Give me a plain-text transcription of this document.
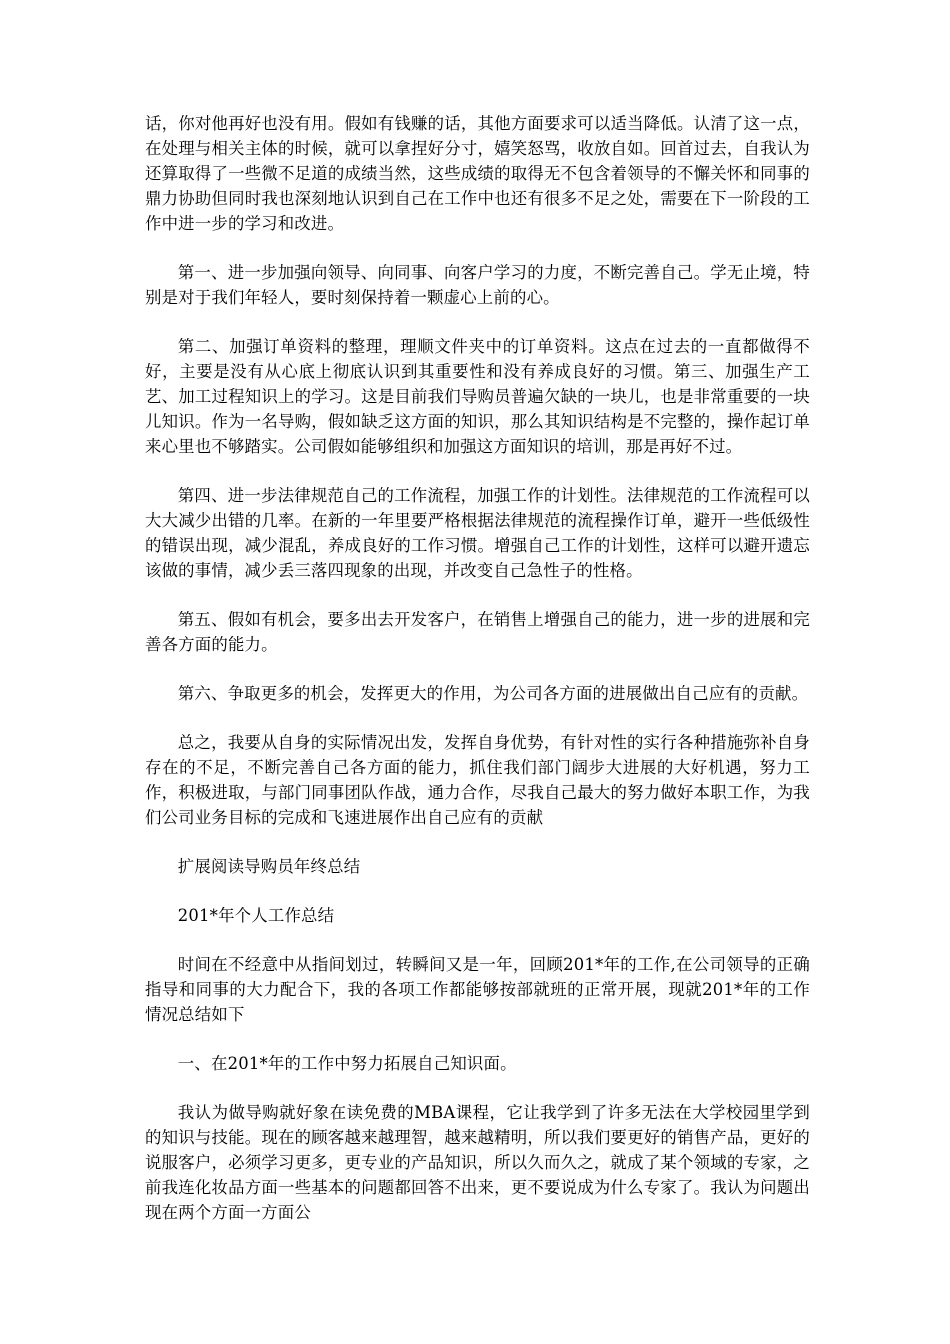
话，你对他再好也没有用。假如有钱赚的话，其他方面要求可以适当降低。认清了这一点，在处理与相关主体的时候，就可以拿捏好分寸，嬉笑怒骂，收放自如。回首过去，自我认为还算取得了一些微不足道的成绩当然，这些成绩的取得无不包含着领导的不懈关怀和同事的鼎力协助但同时我也深刻地认识到自己在工作中也还有很多不足之处，需要在下一阶段的工作中进一步的学习和改进。

第一、进一步加强向领导、向同事、向客户学习的力度，不断完善自己。学无止境，特别是对于我们年轻人，要时刻保持着一颗虚心上前的心。

第二、加强订单资料的整理，理顺文件夹中的订单资料。这点在过去的一直都做得不好，主要是没有从心底上彻底认识到其重要性和没有养成良好的习惯。第三、加强生产工艺、加工过程知识上的学习。这是目前我们导购员普遍欠缺的一块儿，也是非常重要的一块儿知识。作为一名导购，假如缺乏这方面的知识，那么其知识结构是不完整的，操作起订单来心里也不够踏实。公司假如能够组织和加强这方面知识的培训，那是再好不过。

第四、进一步法律规范自己的工作流程，加强工作的计划性。法律规范的工作流程可以大大减少出错的几率。在新的一年里要严格根据法律规范的流程操作订单，避开一些低级性的错误出现，减少混乱，养成良好的工作习惯。增强自己工作的计划性，这样可以避开遗忘该做的事情，减少丢三落四现象的出现，并改变自己急性子的性格。

第五、假如有机会，要多出去开发客户，在销售上增强自己的能力，进一步的进展和完善各方面的能力。

第六、争取更多的机会，发挥更大的作用，为公司各方面的进展做出自己应有的贡献。

总之，我要从自身的实际情况出发，发挥自身优势，有针对性的实行各种措施弥补自身存在的不足，不断完善自己各方面的能力，抓住我们部门阔步大进展的大好机遇，努力工作，积极进取，与部门同事团队作战，通力合作，尽我自己最大的努力做好本职工作，为我们公司业务目标的完成和飞速进展作出自己应有的贡献

扩展阅读导购员年终总结

201*年个人工作总结

时间在不经意中从指间划过，转瞬间又是一年，回顾201*年的工作,在公司领导的正确指导和同事的大力配合下，我的各项工作都能够按部就班的正常开展，现就201*年的工作情况总结如下

一、在201*年的工作中努力拓展自己知识面。

我认为做导购就好象在读免费的MBA课程，它让我学到了许多无法在大学校园里学到的知识与技能。现在的顾客越来越理智，越来越精明，所以我们要更好的销售产品，更好的说服客户，必须学习更多，更专业的产品知识，所以久而久之，就成了某个领域的专家，之前我连化妆品方面一些基本的问题都回答不出来，更不要说成为什么专家了。我认为问题出现在两个方面一方面公
